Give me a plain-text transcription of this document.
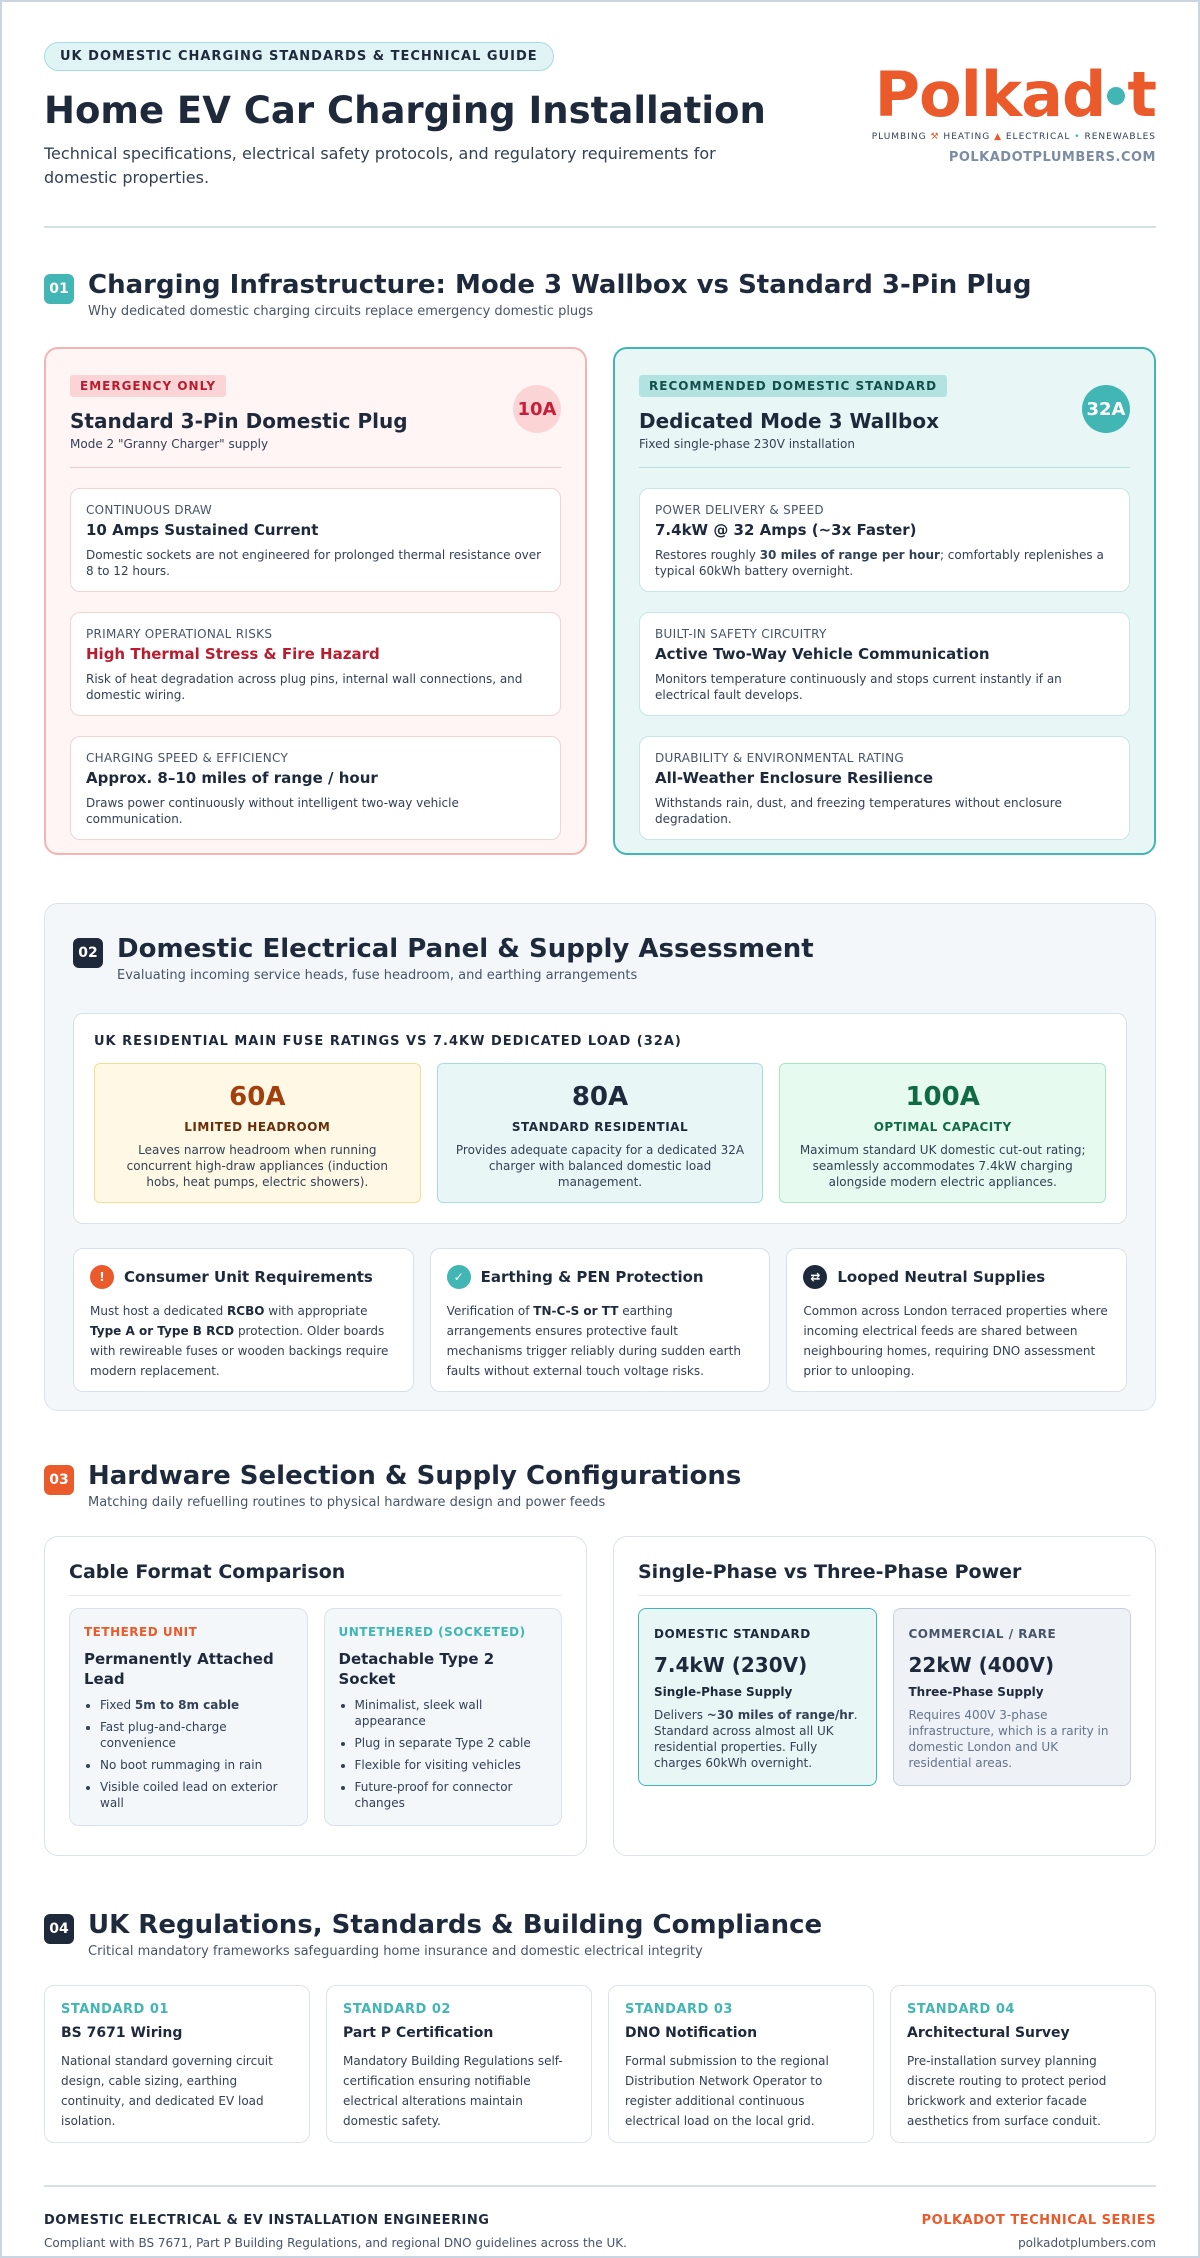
UK DOMESTIC CHARGING STANDARDS & TECHNICAL GUIDE
Home EV Car Charging Installation

Technical specifications, electrical safety protocols, and regulatory requirements for domestic properties.

Polkad t
PLUMBING ⚒ HEATING ▲ ELECTRICAL • RENEWABLES
POLKADOTPLUMBERS.COM
01 Charging Infrastructure: Mode 3 Wallbox vs Standard 3-Pin Plug

Why dedicated domestic charging circuits replace emergency domestic plugs

EMERGENCY ONLY
Standard 3-Pin Domestic Plug
Mode 2 "Granny Charger" supply
10A
CONTINUOUS DRAW
10 Amps Sustained Current
Domestic sockets are not engineered for prolonged thermal resistance over 8 to 12 hours.
PRIMARY OPERATIONAL RISKS
High Thermal Stress & Fire Hazard
Risk of heat degradation across plug pins, internal wall connections, and domestic wiring.
CHARGING SPEED & EFFICIENCY
Approx. 8–10 miles of range / hour
Draws power continuously without intelligent two-way vehicle communication.
RECOMMENDED DOMESTIC STANDARD
Dedicated Mode 3 Wallbox
Fixed single-phase 230V installation
32A
POWER DELIVERY & SPEED
7.4kW @ 32 Amps (~3x Faster)
Restores roughly 30 miles of range per hour; comfortably replenishes a typical 60kWh battery overnight.
BUILT-IN SAFETY CIRCUITRY
Active Two-Way Vehicle Communication
Monitors temperature continuously and stops current instantly if an electrical fault develops.
DURABILITY & ENVIRONMENTAL RATING
All-Weather Enclosure Resilience
Withstands rain, dust, and freezing temperatures without enclosure degradation.
02 Domestic Electrical Panel & Supply Assessment

Evaluating incoming service heads, fuse headroom, and earthing arrangements

UK RESIDENTIAL MAIN FUSE RATINGS VS 7.4KW DEDICATED LOAD (32A)
60A
LIMITED HEADROOM
Leaves narrow headroom when running concurrent high-draw appliances (induction hobs, heat pumps, electric showers).
80A
STANDARD RESIDENTIAL
Provides adequate capacity for a dedicated 32A charger with balanced domestic load management.
100A
OPTIMAL CAPACITY
Maximum standard UK domestic cut-out rating; seamlessly accommodates 7.4kW charging alongside modern electric appliances.
!	Consumer Unit Requirements
Must host a dedicated RCBO with appropriate Type A or Type B RCD protection. Older boards with rewireable fuses or wooden backings require modern replacement.
✓	Earthing & PEN Protection
Verification of TN-C-S or TT earthing arrangements ensures protective fault mechanisms trigger reliably during sudden earth faults without external touch voltage risks.
⇄	Looped Neutral Supplies
Common across London terraced properties where incoming electrical feeds are shared between neighbouring homes, requiring DNO assessment prior to unlooping.
03 Hardware Selection & Supply Configurations

Matching daily refuelling routines to physical hardware design and power feeds

Cable Format Comparison
TETHERED UNIT
Permanently Attached Lead
• Fixed 5m to 8m cable
• Fast plug-and-charge convenience
• No boot rummaging in rain
• Visible coiled lead on exterior wall
UNTETHERED (SOCKETED)
Detachable Type 2 Socket
• Minimalist, sleek wall appearance
• Plug in separate Type 2 cable
• Flexible for visiting vehicles
• Future-proof for connector changes
Single-Phase vs Three-Phase Power
DOMESTIC STANDARD
7.4kW (230V)
Single-Phase Supply
Delivers ~30 miles of range/hr. Standard across almost all UK residential properties. Fully charges 60kWh overnight.
COMMERCIAL / RARE
22kW (400V)
Three-Phase Supply
Requires 400V 3-phase infrastructure, which is a rarity in domestic London and UK residential areas.
04 UK Regulations, Standards & Building Compliance

Critical mandatory frameworks safeguarding home insurance and domestic electrical integrity

STANDARD 01
BS 7671 Wiring
National standard governing circuit design, cable sizing, earthing continuity, and dedicated EV load isolation.
STANDARD 02
Part P Certification
Mandatory Building Regulations self-certification ensuring notifiable electrical alterations maintain domestic safety.
STANDARD 03
DNO Notification
Formal submission to the regional Distribution Network Operator to register additional continuous electrical load on the local grid.
STANDARD 04
Architectural Survey
Pre-installation survey planning discrete routing to protect period brickwork and exterior facade aesthetics from surface conduit.
DOMESTIC ELECTRICAL & EV INSTALLATION ENGINEERING
Compliant with BS 7671, Part P Building Regulations, and regional DNO guidelines across the UK.
POLKADOT TECHNICAL SERIES
polkadotplumbers.com
